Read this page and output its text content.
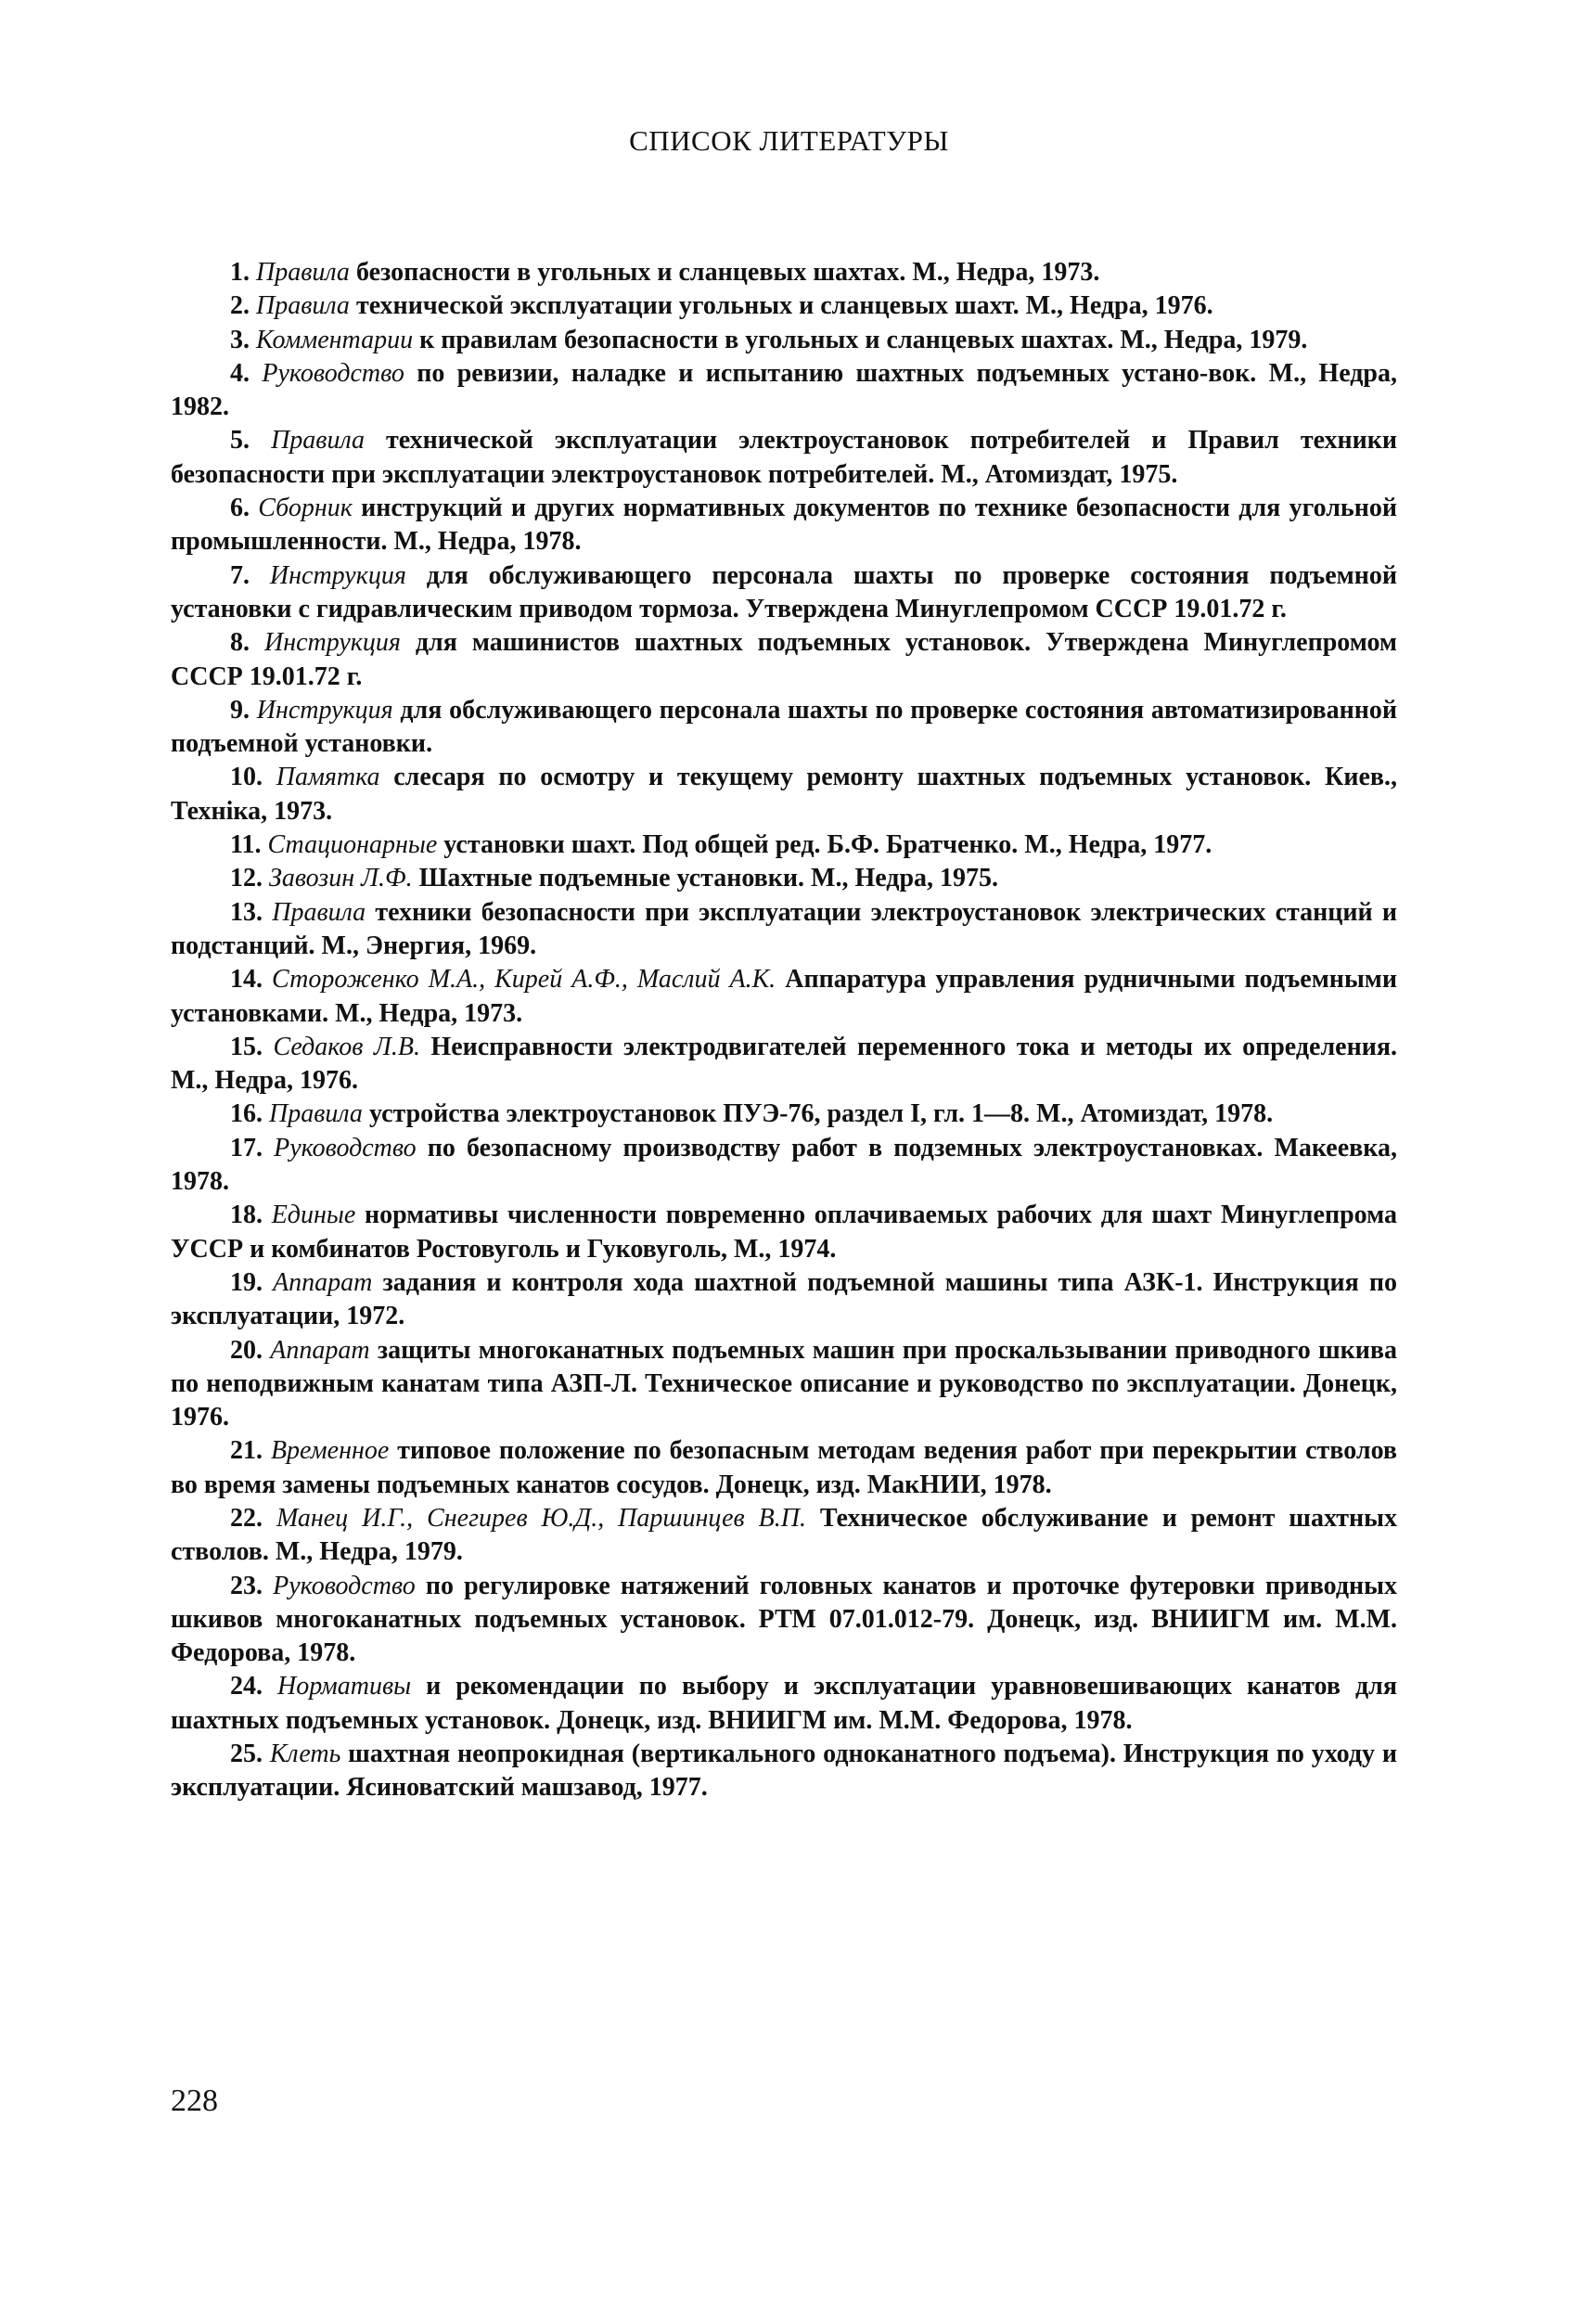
СПИСОК ЛИТЕРАТУРЫ
1. Правила безопасности в угольных и сланцевых шахтах. М., Недра, 1973.
2. Правила технической эксплуатации угольных и сланцевых шахт. М., Недра, 1976.
3. Комментарии к правилам безопасности в угольных и сланцевых шахтах. М., Недра, 1979.
4. Руководство по ревизии, наладке и испытанию шахтных подъемных устано-вок. М., Недра, 1982.
5. Правила технической эксплуатации электроустановок потребителей и Правил техники безопасности при эксплуатации электроустановок потребителей. М., Атомиздат, 1975.
6. Сборник инструкций и других нормативных документов по технике безопасности для угольной промышленности. М., Недра, 1978.
7. Инструкция для обслуживающего персонала шахты по проверке состояния подъемной установки с гидравлическим приводом тормоза. Утверждена Минуглепромом СССР 19.01.72 г.
8. Инструкция для машинистов шахтных подъемных установок. Утверждена Минуглепромом СССР 19.01.72 г.
9. Инструкция для обслуживающего персонала шахты по проверке состояния автоматизированной подъемной установки.
10. Памятка слесаря по осмотру и текущему ремонту шахтных подъемных установок. Киев., Технiка, 1973.
11. Стационарные установки шахт. Под общей ред. Б.Ф. Братченко. М., Недра, 1977.
12. Завозин Л.Ф. Шахтные подъемные установки. М., Недра, 1975.
13. Правила техники безопасности при эксплуатации электроустановок электрических станций и подстанций. М., Энергия, 1969.
14. Стороженко М.А., Кирей А.Ф., Маслий А.К. Аппаратура управления рудничными подъемными установками. М., Недра, 1973.
15. Седаков Л.В. Неисправности электродвигателей переменного тока и методы их определения. М., Недра, 1976.
16. Правила устройства электроустановок ПУЭ-76, раздел I, гл. 1—8. М., Атомиздат, 1978.
17. Руководство по безопасному производству работ в подземных электроустановках. Макеевка, 1978.
18. Единые нормативы численности повременно оплачиваемых рабочих для шахт Минуглепрома УССР и комбинатов Ростовуголь и Гуковуголь, М., 1974.
19. Аппарат задания и контроля хода шахтной подъемной машины типа АЗК-1. Инструкция по эксплуатации, 1972.
20. Аппарат защиты многоканатных подъемных машин при проскальзывании приводного шкива по неподвижным канатам типа АЗП-Л. Техническое описание и руководство по эксплуатации. Донецк, 1976.
21. Временное типовое положение по безопасным методам ведения работ при перекрытии стволов во время замены подъемных канатов сосудов. Донецк, изд. МакНИИ, 1978.
22. Манец И.Г., Снегирев Ю.Д., Паршинцев В.П. Техническое обслуживание и ремонт шахтных стволов. М., Недра, 1979.
23. Руководство по регулировке натяжений головных канатов и проточке футеровки приводных шкивов многоканатных подъемных установок. РТМ 07.01.012-79. Донецк, изд. ВНИИГМ им. М.М. Федорова, 1978.
24. Нормативы и рекомендации по выбору и эксплуатации уравновешивающих канатов для шахтных подъемных установок. Донецк, изд. ВНИИГМ им. М.М. Федорова, 1978.
25. Клеть шахтная неопрокидная (вертикального одноканатного подъема). Инструкция по уходу и эксплуатации. Ясиноватский машзавод, 1977.
228
